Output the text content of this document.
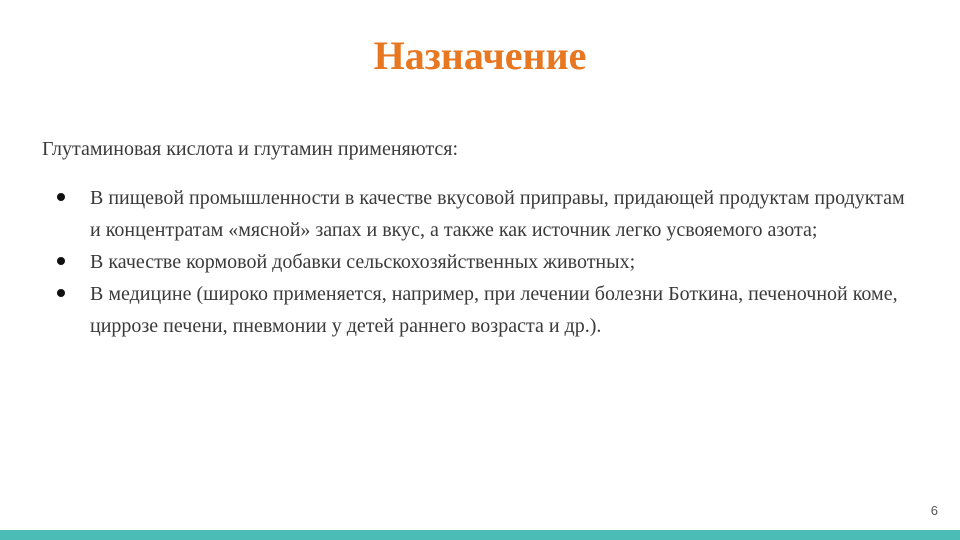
Назначение

Глутаминовая кислота и глутамин применяются:

В пищевой промышленности в качестве вкусовой приправы, придающей продуктам продуктам и концентратам «мясной» запах и вкус, а также как источник легко усвояемого азота;
В качестве кормовой добавки сельскохозяйственных животных;
В медицине (широко применяется, например, при лечении болезни Боткина, печеночной коме, циррозе печени, пневмонии у детей раннего возраста и др.).
6
